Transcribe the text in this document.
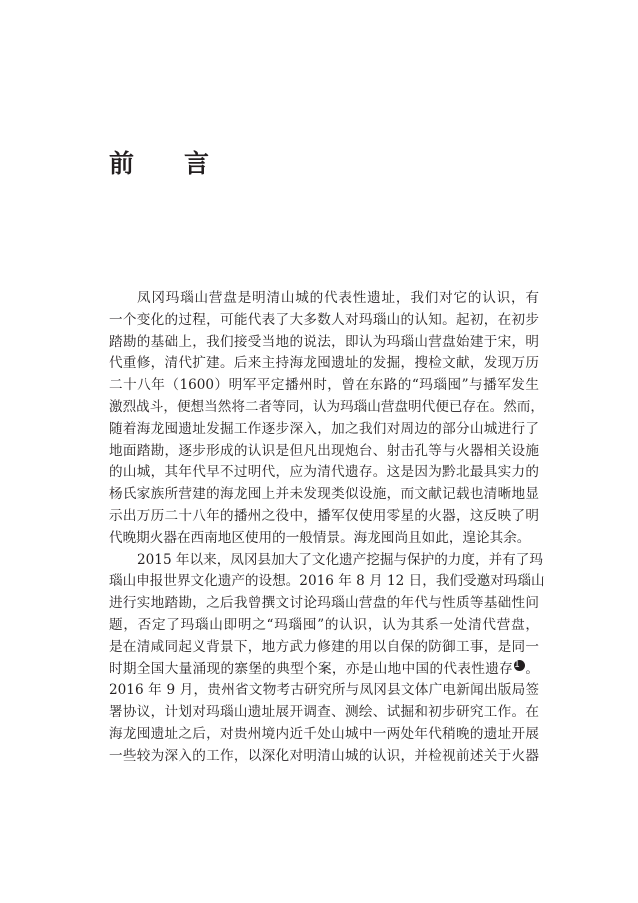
前 言
凤冈玛瑙山营盘是明清山城的代表性遗址，我们对它的认识，有
一个变化的过程，可能代表了大多数人对玛瑙山的认知。起初，在初步
踏勘的基础上，我们接受当地的说法，即认为玛瑙山营盘始建于宋，明
代重修，清代扩建。后来主持海龙囤遗址的发掘，搜检文献，发现万历
二十八年（1600）明军平定播州时，曾在东路的“玛瑙囤”与播军发生
激烈战斗，便想当然将二者等同，认为玛瑙山营盘明代便已存在。然而，
随着海龙囤遗址发掘工作逐步深入，加之我们对周边的部分山城进行了
地面踏勘，逐步形成的认识是但凡出现炮台、射击孔等与火器相关设施
的山城，其年代早不过明代，应为清代遗存。这是因为黔北最具实力的
杨氏家族所营建的海龙囤上并未发现类似设施，而文献记载也清晰地显
示出万历二十八年的播州之役中，播军仅使用零星的火器，这反映了明
代晚期火器在西南地区使用的一般情景。海龙囤尚且如此，遑论其余。
2015 年以来，凤冈县加大了文化遗产挖掘与保护的力度，并有了玛
瑙山申报世界文化遗产的设想。2016 年 8 月 12 日，我们受邀对玛瑙山
进行实地踏勘，之后我曾撰文讨论玛瑙山营盘的年代与性质等基础性问
题，否定了玛瑙山即明之“玛瑙囤”的认识，认为其系一处清代营盘，
是在清咸同起义背景下，地方武力修建的用以自保的防御工事，是同一
时期全国大量涌现的寨堡的典型个案，亦是山地中国的代表性遗存1 。
2016 年 9 月，贵州省文物考古研究所与凤冈县文体广电新闻出版局签
署协议，计划对玛瑙山遗址展开调查、测绘、试掘和初步研究工作。在
海龙囤遗址之后，对贵州境内近千处山城中一两处年代稍晚的遗址开展
一些较为深入的工作，以深化对明清山城的认识，并检视前述关于火器
